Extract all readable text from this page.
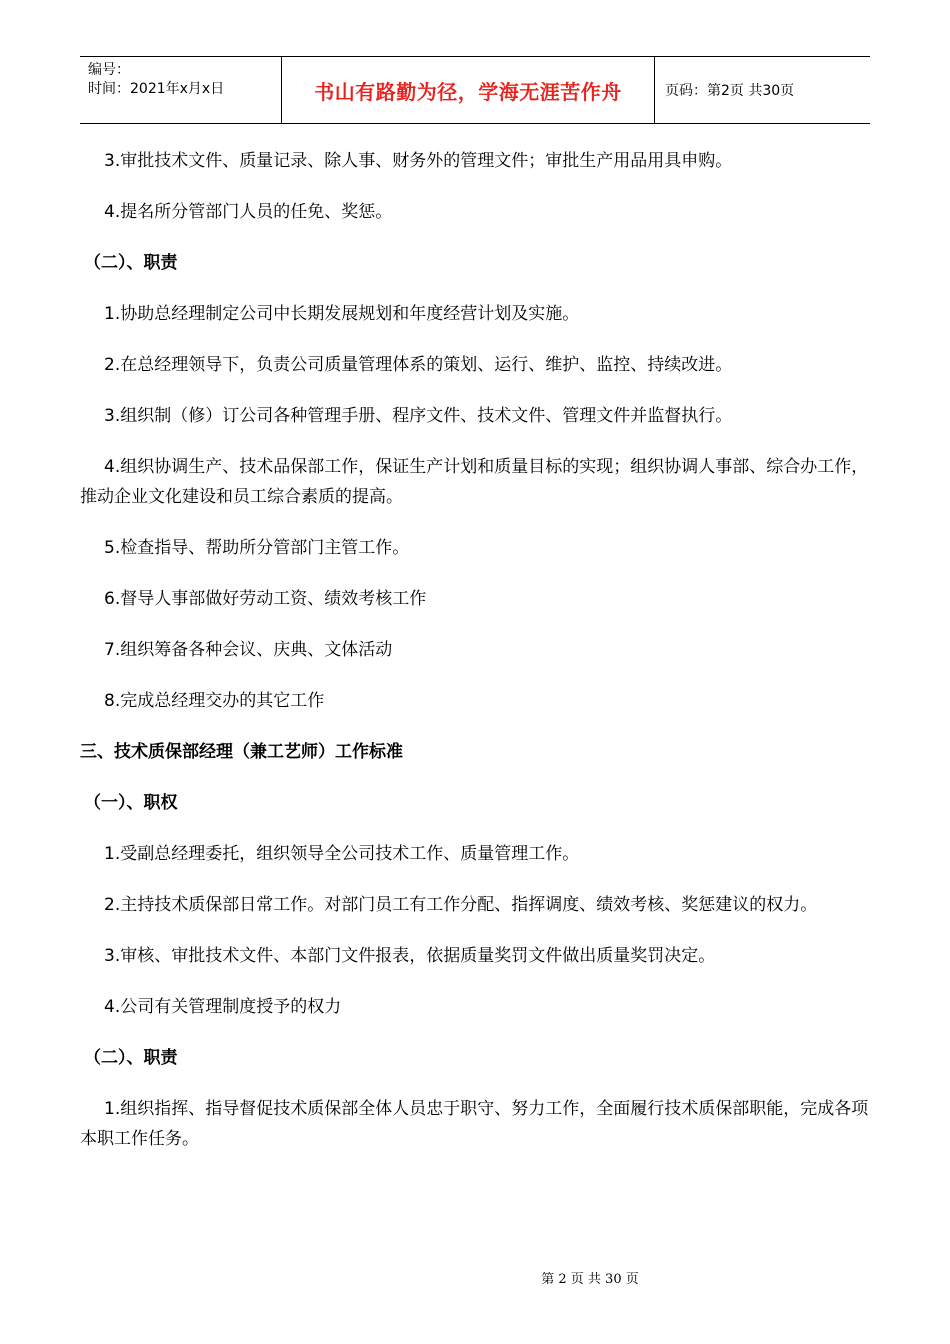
编号：
时间：2021年x月x日	书山有路勤为径，学海无涯苦作舟	页码：第2页 共30页

3.审批技术文件、质量记录、除人事、财务外的管理文件；审批生产用品用具申购。

4.提名所分管部门人员的任免、奖惩。

（二）、职责

1.协助总经理制定公司中长期发展规划和年度经营计划及实施。

2.在总经理领导下，负责公司质量管理体系的策划、运行、维护、监控、持续改进。

3.组织制（修）订公司各种管理手册、程序文件、技术文件、管理文件并监督执行。

4.组织协调生产、技术品保部工作，保证生产计划和质量目标的实现；组织协调人事部、综合办工作，推动企业文化建设和员工综合素质的提高。

5.检查指导、帮助所分管部门主管工作。

6.督导人事部做好劳动工资、绩效考核工作

7.组织筹备各种会议、庆典、文体活动

8.完成总经理交办的其它工作

三、技术质保部经理（兼工艺师）工作标准

（一）、职权

1.受副总经理委托，组织领导全公司技术工作、质量管理工作。

2.主持技术质保部日常工作。对部门员工有工作分配、指挥调度、绩效考核、奖惩建议的权力。

3.审核、审批技术文件、本部门文件报表，依据质量奖罚文件做出质量奖罚决定。

4.公司有关管理制度授予的权力

（二）、职责

1.组织指挥、指导督促技术质保部全体人员忠于职守、努力工作，全面履行技术质保部职能，完成各项本职工作任务。

第 2 页 共 30 页
